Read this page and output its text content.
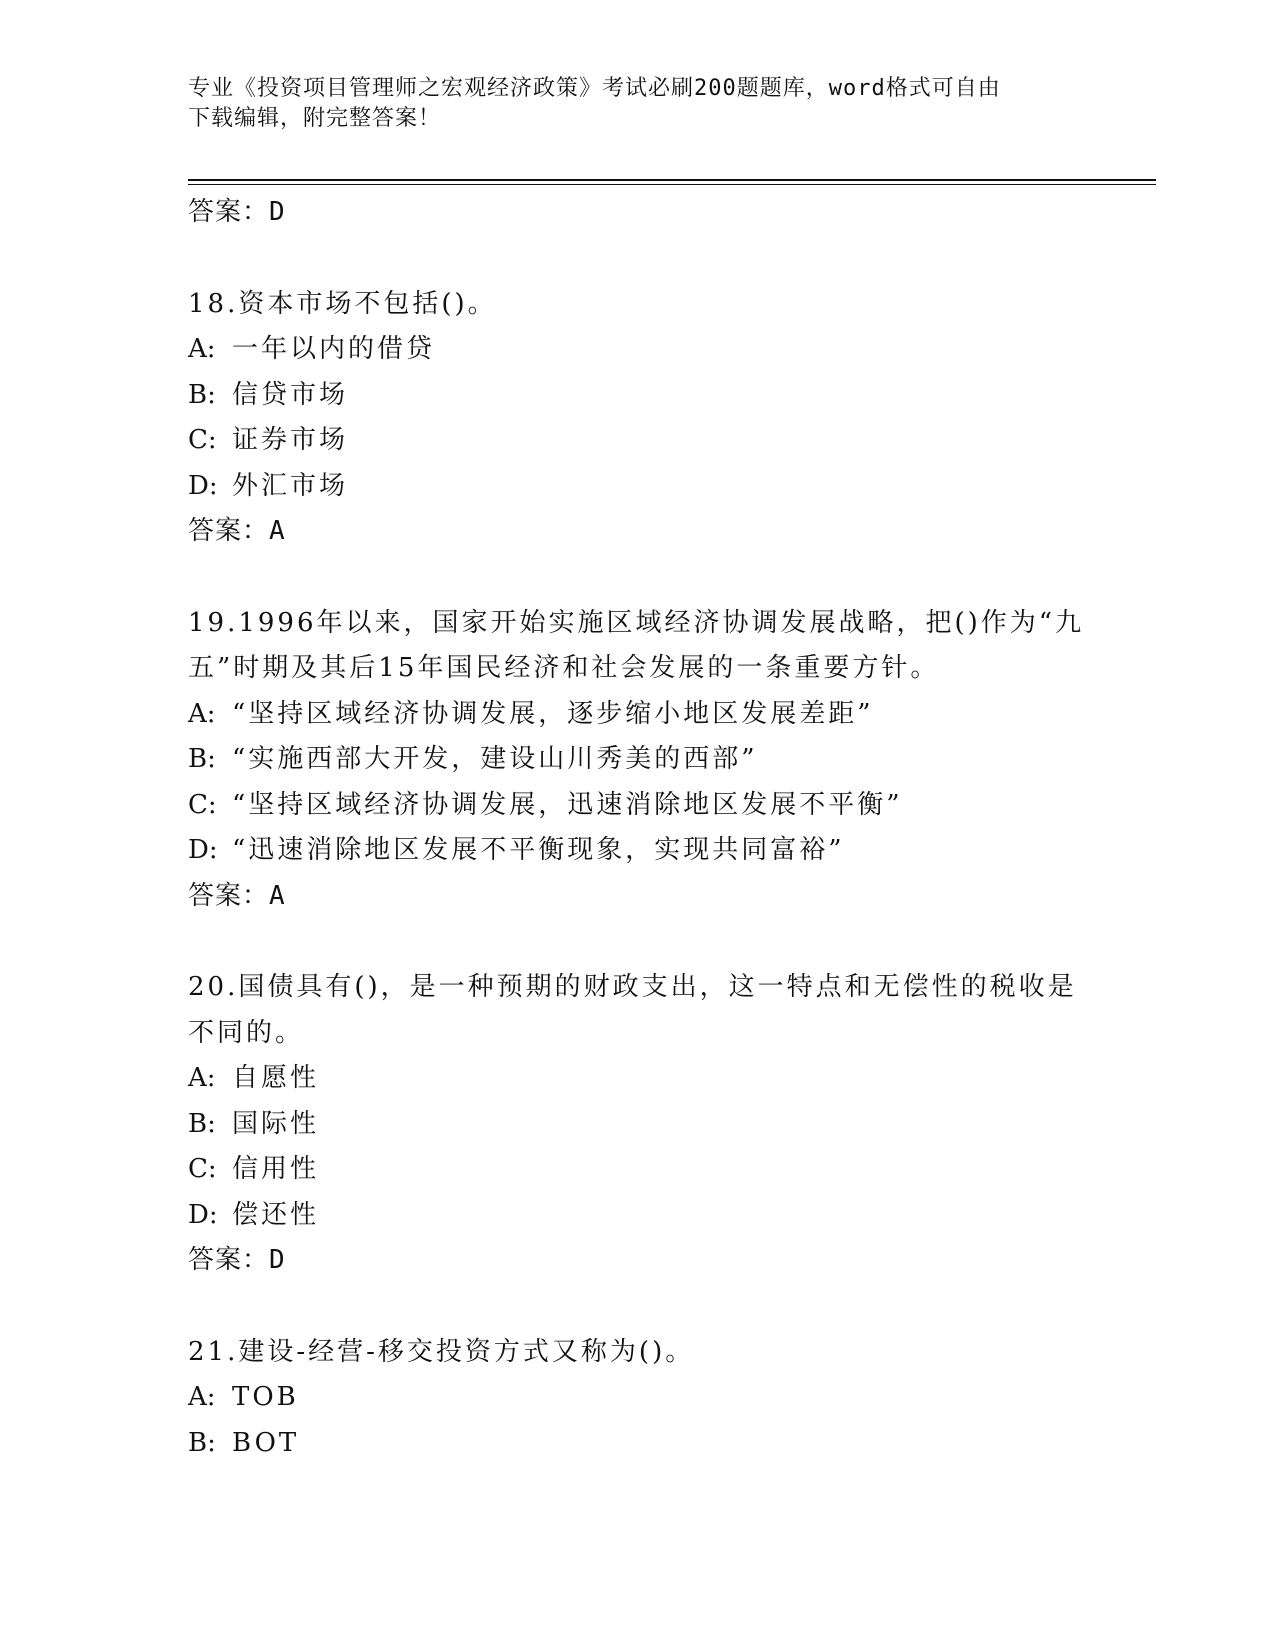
专业《投资项目管理师之宏观经济政策》考试必刷200题题库，word格式可自由
下载编辑，附完整答案！
答案：D
18.资本市场不包括()。
A: 一年以内的借贷
B: 信贷市场
C: 证券市场
D: 外汇市场
答案：A
19.1996年以来，国家开始实施区域经济协调发展战略，把()作为“九
五”时期及其后15年国民经济和社会发展的一条重要方针。
A: “坚持区域经济协调发展，逐步缩小地区发展差距”
B: “实施西部大开发，建设山川秀美的西部”
C: “坚持区域经济协调发展，迅速消除地区发展不平衡”
D: “迅速消除地区发展不平衡现象，实现共同富裕”
答案：A
20.国债具有()，是一种预期的财政支出，这一特点和无偿性的税收是
不同的。
A: 自愿性
B: 国际性
C: 信用性
D: 偿还性
答案：D
21.建设-经营-移交投资方式又称为()。
A: TOB
B: BOT
